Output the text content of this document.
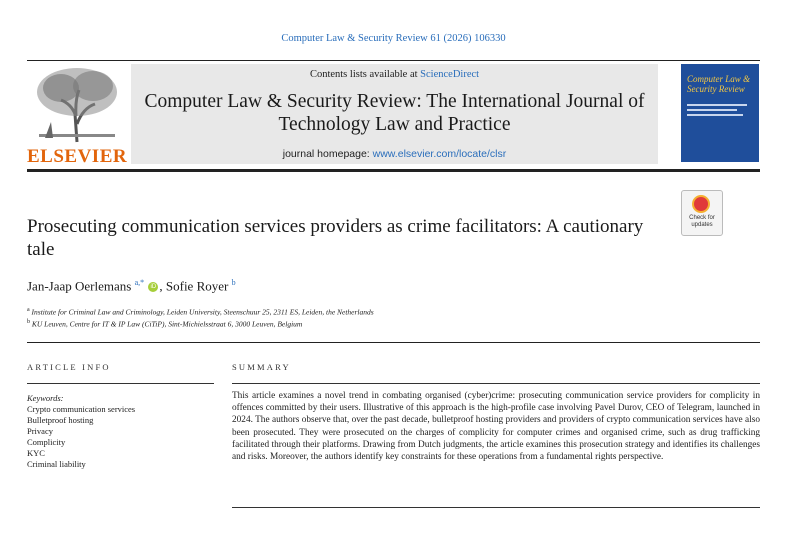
Computer Law & Security Review 61 (2026) 106330
ELSEVIER
Contents lists available at ScienceDirect
Computer Law & Security Review: The International Journal of Technology Law and Practice
journal homepage: www.elsevier.com/locate/clsr
Computer Law & Security Review
Prosecuting communication services providers as crime facilitators: A cautionary tale
Check for updates
Jan-Jaap Oerlemans $^{a,*}$ iD , Sofie Royer $^b$
$^a$ Institute for Criminal Law and Criminology, Leiden University, Steenschuur 25, 2311 ES, Leiden, the Netherlands
$^b$ KU Leuven, Centre for IT & IP Law (CiTiP), Sint-Michielsstraat 6, 3000 Leuven, Belgium
ARTICLE INFO	SUMMARY
Keywords:
Crypto communication services
Bulletproof hosting
Privacy
Complicity
KYC
Criminal liability
This article examines a novel trend in combating organised (cyber)crime: prosecuting communication service providers for complicity in offences committed by their users. Illustrative of this approach is the high-profile case involving Pavel Durov, CEO of Telegram, launched in 2024. The authors observe that, over the past decade, bulletproof hosting providers and providers of crypto communication services have also been prosecuted. They were prosecuted on the charges of complicity for computer crimes and organised crime, such as drug trafficking facilitated through their platforms. Drawing from Dutch judgments, the article examines this prosecution strategy and identifies its challenges and risks. Moreover, the authors identify key constraints for these operations from a fundamental rights perspective.
